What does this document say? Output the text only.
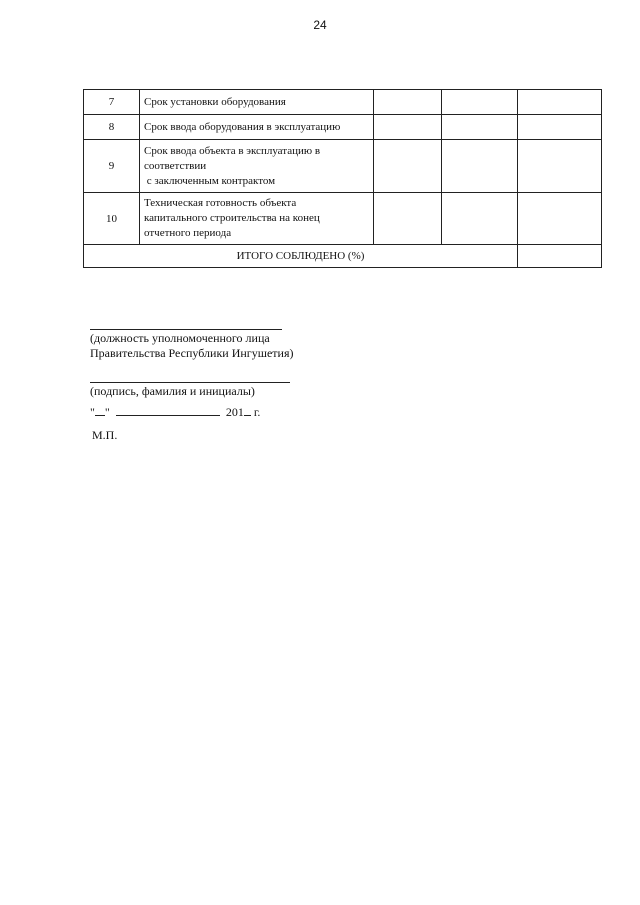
24
7	Срок установки оборудования			

8	Срок ввода оборудования в эксплуатацию			

9	Срок ввода объекта в эксплуатацию в
соответствии
с заключенным контрактом			

10	Техническая готовность объекта
капитального строительства на конец
отчетного периода			

ИТОГО СОБЛЮДЕНО (%)				
(должность уполномоченного лица
Правительства Республики Ингушетия)
(подпись, фамилия и инициалы)
" "	201 г.
М.П.
